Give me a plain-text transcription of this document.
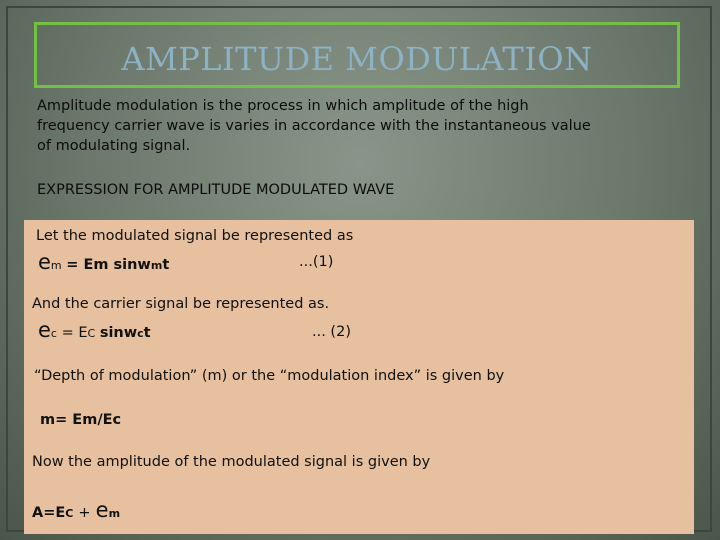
AMPLITUDE MODULATION
Amplitude modulation is the process in which amplitude of the high frequency carrier wave is varies in accordance with the instantaneous value of modulating signal.
EXPRESSION FOR AMPLITUDE MODULATED WAVE
Let the modulated signal be represented as
em = Em sinwmt	...(1)
And the carrier signal be represented as.
ec = EC sinwct	... (2)
“Depth of modulation” (m) or the “modulation index” is given by
m= Em/Ec
Now the amplitude of the modulated signal is given by
A=EC + em
